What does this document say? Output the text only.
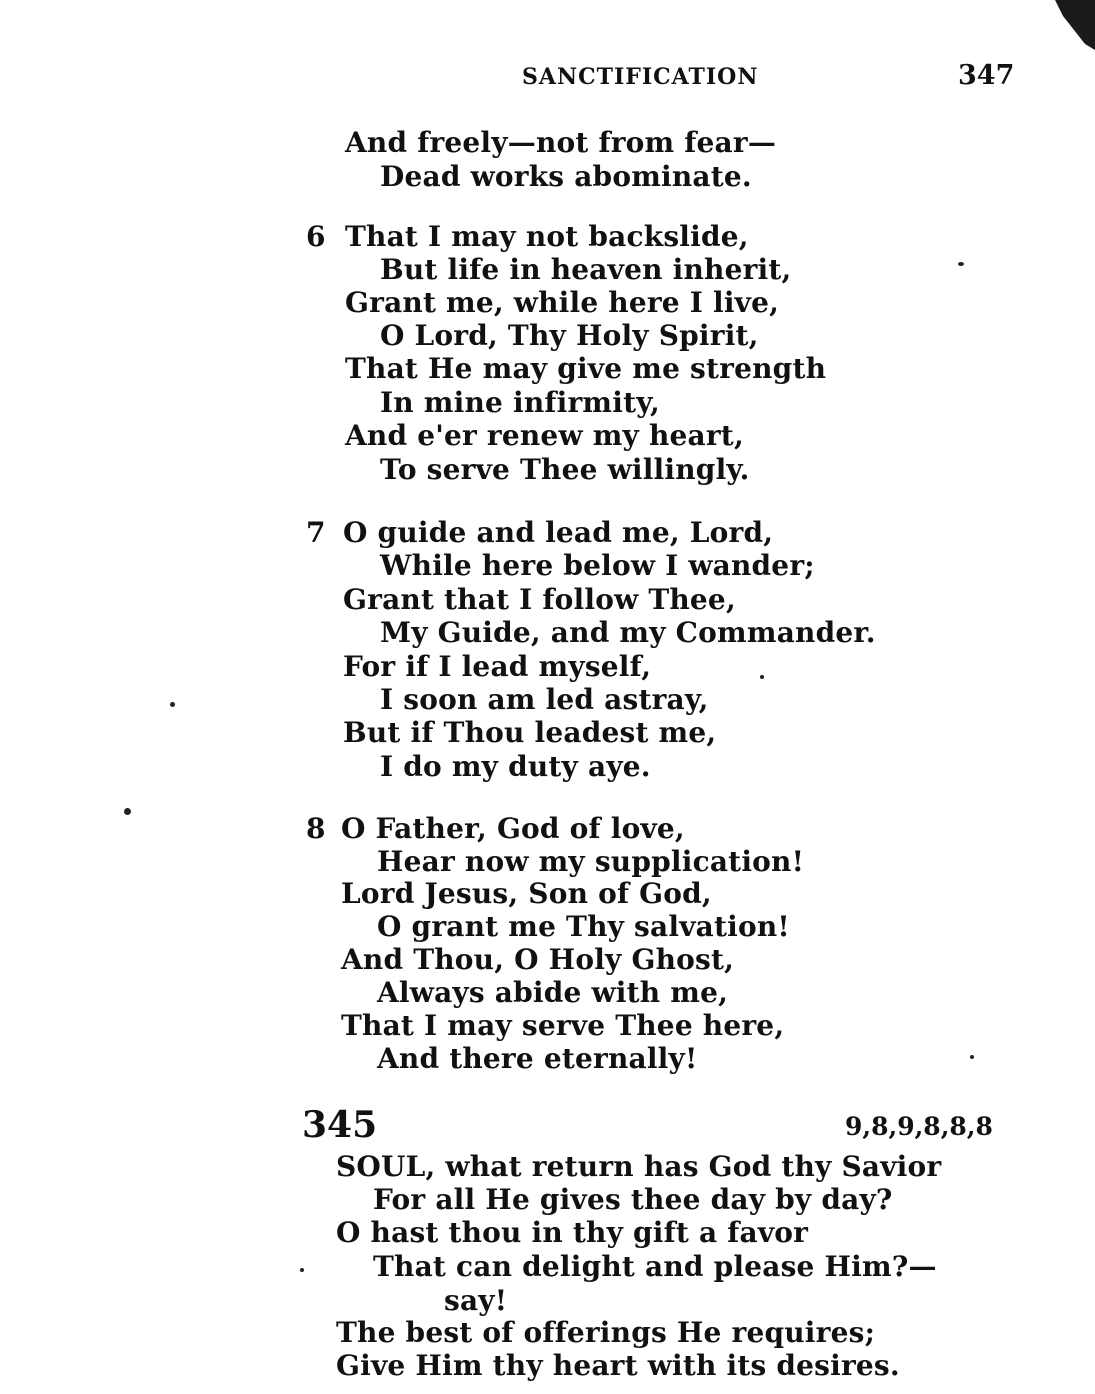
SANCTIFICATION	347
And freely—not from fear—
Dead works abominate.
6 That I may not backslide,
But life in heaven inherit,
Grant me, while here I live,
O Lord, Thy Holy Spirit,
That He may give me strength
In mine infirmity,
And e'er renew my heart,
To serve Thee willingly.
7 O guide and lead me, Lord,
While here below I wander;
Grant that I follow Thee,
My Guide, and my Commander.
For if I lead myself,
I soon am led astray,
But if Thou leadest me,
I do my duty aye.
8 O Father, God of love,
Hear now my supplication!
Lord Jesus, Son of God,
O grant me Thy salvation!
And Thou, O Holy Ghost,
Always abide with me,
That I may serve Thee here,
And there eternally!
345	9,8,9,8,8,8
SOUL, what return has God thy Savior
For all He gives thee day by day?
O hast thou in thy gift a favor
That can delight and please Him?—
say!
The best of offerings He requires;
Give Him thy heart with its desires.
